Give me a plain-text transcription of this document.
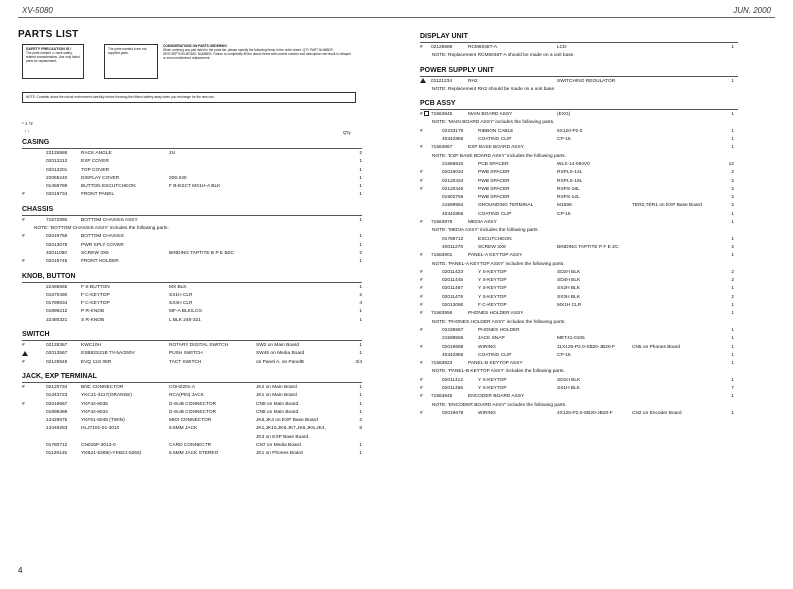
XV-5080	JUN. 2000
PARTS LIST
SAFETY PRECAUTION IS !
The parts marked ⚠ have safety-related characteristics. Use only listed parts for replacement.
The parts marked # are not supplied parts.
CONSIDERATIONS ON PARTS ORDERING
When ordering any part listed in the parts list, please specify the following items in the order sheet. QTY PART NUMBER DESCRIPTION MODEL NUMBER. Failure to completely fill the above items with correct number and description will result in delayed or even undelivered replacement.
NOTE: Consider about the robust environment carefully before throwing the lithium battery away when you exchange for the new one.
* 1 *2
↓ ↓	Q'ty
CASING
22125586	RACK ANGLE	2U	2
02013212	EXP COVER	1
02013201	TOP COVER	1
22065240	DISPLAY COVER	206-240	1
01459789	BUTTON ESCUTCHEON	F B-ESCT MX1H-A BLK	1
#	02019734	FRONT PANEL	1
CHASSIS
#	71672990	BOTTOM CHASSIS ASSY	1
NOTE: 'BOTTOM CHASSIS ASSY' includes the following parts.
#	02019756	BOTTOM CHASSIS	1
02013078	PWR SPLY COVER	1
40011090	SCREW 3X6	BINDING TAPTITE B P E BZC	2
#	02019745	FRONT HOLDER	1
KNOB, BUTTON
22495565	F S-BUTTON	MX BLK	1
01670490	F C-KEYTOP	SX1H CLR	2
01789834	F C-KEYTOP	SX4H CLR	4
01899212	P R-KNOB	MF-A BLK/LCG	1
22480321	S R-KNOB	L BLK 248-321	1
SWITCH
#	02128367	KWC10H	ROTARY DIGITAL SWITCH	SW2 on Main Board	1
02013567	ESB92S21B TV-5A/250V	PUSH SWITCH	SW46 on Media Board	1
#	02125945	EVQ 11G 05R	TACT SWITCH	on Panel A, on PanelB	3/4
JACK, EXP TERMINAL
#	02120734	BNC CONNECTOR	COH2201-A	JK2 on Main Board	1
01343723	YKC21-3117(ORANGE)	RCA(PIN) JACK	JK1 on Main Board	1
#	02019667	YKF42-8035	D-SUB CONNECTOR	CN9 on Main Board	1
01898389	YKF42-8034	D-SUB CONNECTOR	CN8 on Main Board	1
13429676	YKF51-5048 (TWIN)	MIDI CONNECTOR	JK6,JK4 on EXP Base Board	2
13449283	HLJ7101-01-3010	6.5MM JACK	JK1,JK10,JK9,JK7,JK6,JK5,JK4,	8
JK3 on EXP Base Board
01780712	CN015P-3013-0	CARD CONNECTR	CN7 on Media Board	1
01129145	YKB21-5268(≈YKB21-5255)	6.5MM JACK STEREO	JK1 on Phones Board	1
DISPLAY UNIT
#	02128689	RCM6048T-A	LCD	1
NOTE: Replacement RCM6048T-A should be made on a unit base.
POWER SUPPLY UNIT
01121234	RH2	SWITCHING REGULATOR	1
NOTE: Replacement RH2 should be made on a unit base.
PCB ASSY
#	71563845	MAIN BOARD ASSY	(EXG)	1
NOTE: 'MAIN BOARD ASSY' includes the following parts.
#	02233178	RIBBON CABLE	6X120-P2.0	1
40342856	COATING CLIP	CP-15	1
#	71563867	EXP BASE BOARD ASSY	1
NOTE: 'EXP BASE BOARD ASSY' includes the following parts.
21589810	PCB SPACER	WLS-14-094V0	12
#	02019034	PWB SPACER	RSPLS-12L	2
#	02120434	PWB SPACER	RSPLS-18L	2
#	02120445	PWB SPACER	RSPS-18L	2
01902756	PWB SPACER	RSPS-12L	2
21599584	GROUNDING TERMINAL	M1698	TER2,TER1 on EXP Base Board	2
40342856	COATING CLIP	CP-15	1
#	71563878	MEDIA ASSY	1
NOTE: 'MEDIA ASSY' includes the following parts.
01788712	ESCUTCHEON	1
40011278	SCREW 3X8	BINDING TAPTITE P F E ZC	2
#	71563901	PANEL-A KEYTOP ASSY	1
NOTE: 'PANEL-A KEYTOP ASSY' includes the following parts.
#	02011423	Y S-KEYTOP	SD2H BLK	2
#	02011445	Y S-KEYTOP	SD4H BLK	2
#	02011467	Y S-KEYTOP	SX2H BLK	1
#	02011478	Y S-KEYTOP	SX3H BLK	2
#	02013090	F C-KEYTOP	MX1H CLR	1
#	71563956	PHONES HOLDER ASSY	1
NOTE: 'PHONES HOLDER ASSY' includes the following parts.
#	02236567	PHONES HOLDER	1
21599556	JACK SNAP	MET41-0105	1
#	02019689	WIRING	11X125-P2.0-SB20-JB20-F	CN5 on Phones Board	1
40342856	COATING CLIP	CP-15	1
#	71563923	PANEL-B KEYTOP ASSY	1
NOTE: 'PANEL-B KEYTOP ASSY' includes the following parts.
#	02011412	Y S-KEYTOP	SD1H BLK	1
#	02011456	Y S-KEYTOP	SX1H BLK	7
#	71563945	ENCODER BOARD ASSY	1
NOTE: 'ENCODER BOARD ASSY' includes the following parts.
#	02019678	WIRING	4X125-P2.0-SB20-JB20-F	CN2 on Encoder Board	1
4
